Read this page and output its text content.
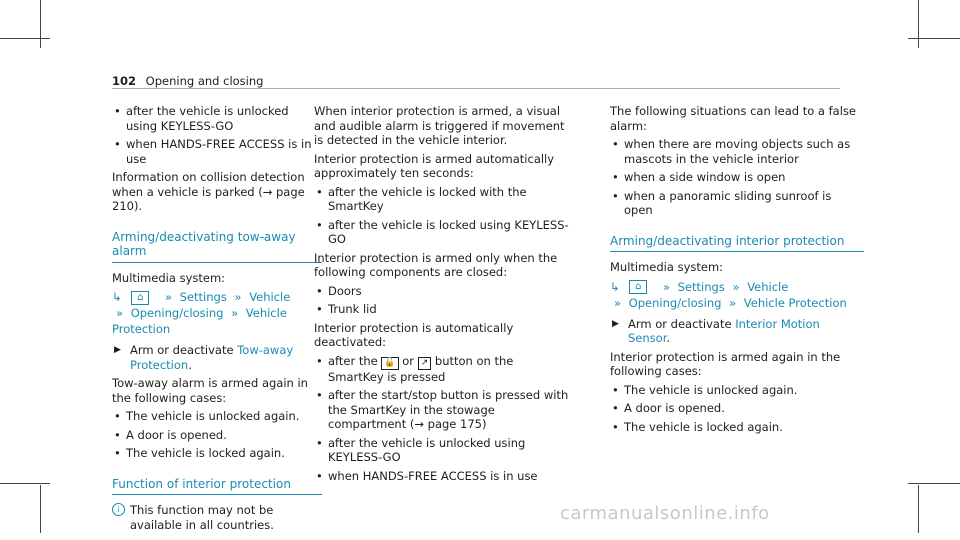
102 Opening and closing
• after the vehicle is unlocked using KEYLESS-GO
• when HANDS-FREE ACCESS is in use

Information on collision detection when a vehicle is parked (→ page 210).

Arming/deactivating tow-away alarm

Multimedia system:

↳ ⌂ » Settings » Vehicle
» Opening/closing » Vehicle Protection
▶ Arm or deactivate Tow-away Protection.

Tow-away alarm is armed again in the following cases:

• The vehicle is unlocked again.
• A door is opened.
• The vehicle is locked again.
Function of interior protection
i This function may not be available in all countries.

When interior protection is armed, a visual and audible alarm is triggered if movement is detected in the vehicle interior.

Interior protection is armed automatically approximately ten seconds:

• after the vehicle is locked with the SmartKey
• after the vehicle is locked using KEYLESS-GO

Interior protection is armed only when the following components are closed:

• Doors
• Trunk lid

Interior protection is automatically deactivated:

• after the 🔓 or ↗ button on the SmartKey is pressed
• after the start/stop button is pressed with the SmartKey in the stowage compartment (→ page 175)
• after the vehicle is unlocked using KEYLESS-GO
• when HANDS-FREE ACCESS is in use

The following situations can lead to a false alarm:

• when there are moving objects such as mascots in the vehicle interior
• when a side window is open
• when a panoramic sliding sunroof is open
Arming/deactivating interior protection

Multimedia system:

↳ ⌂ » Settings » Vehicle
» Opening/closing » Vehicle Protection
▶ Arm or deactivate Interior Motion Sensor.

Interior protection is armed again in the following cases:

• The vehicle is unlocked again.
• A door is opened.
• The vehicle is locked again.
carmanualsonline.info
